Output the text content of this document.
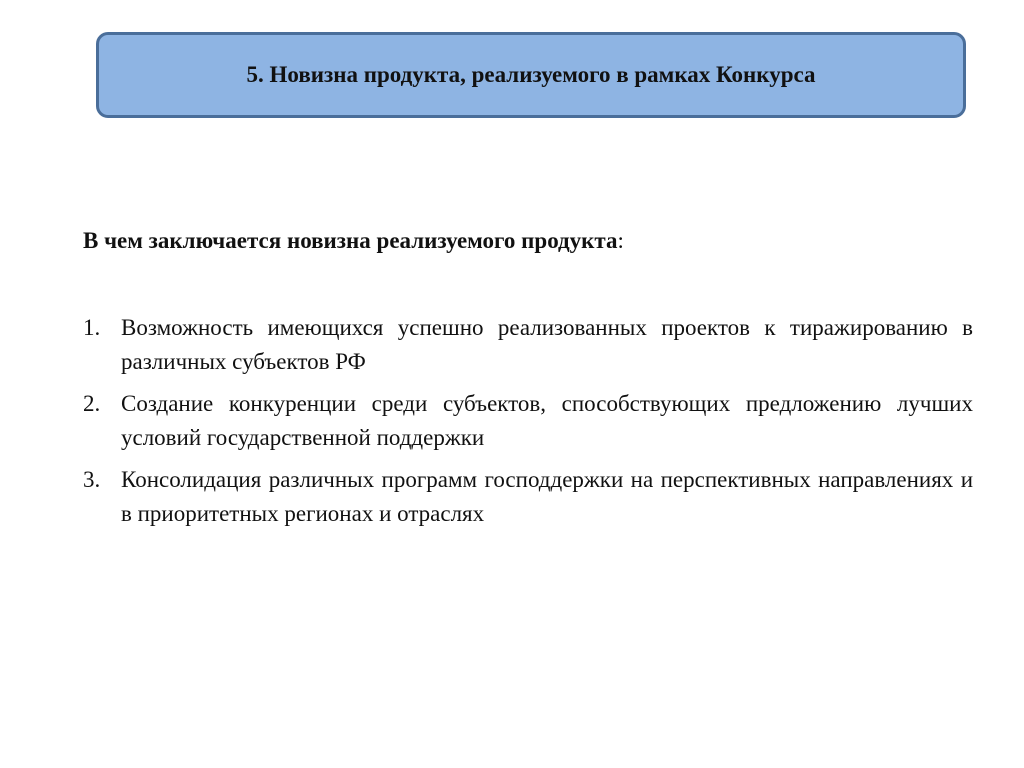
5. Новизна продукта, реализуемого в рамках Конкурса

В чем заключается новизна реализуемого продукта:

1. Возможность имеющихся успешно реализованных проектов к тиражированию в различных субъектов РФ
2. Создание конкуренции среди субъектов, способствующих предложению лучших условий государственной поддержки
3. Консолидация различных программ господдержки на перспективных направлениях и в приоритетных регионах и отраслях
